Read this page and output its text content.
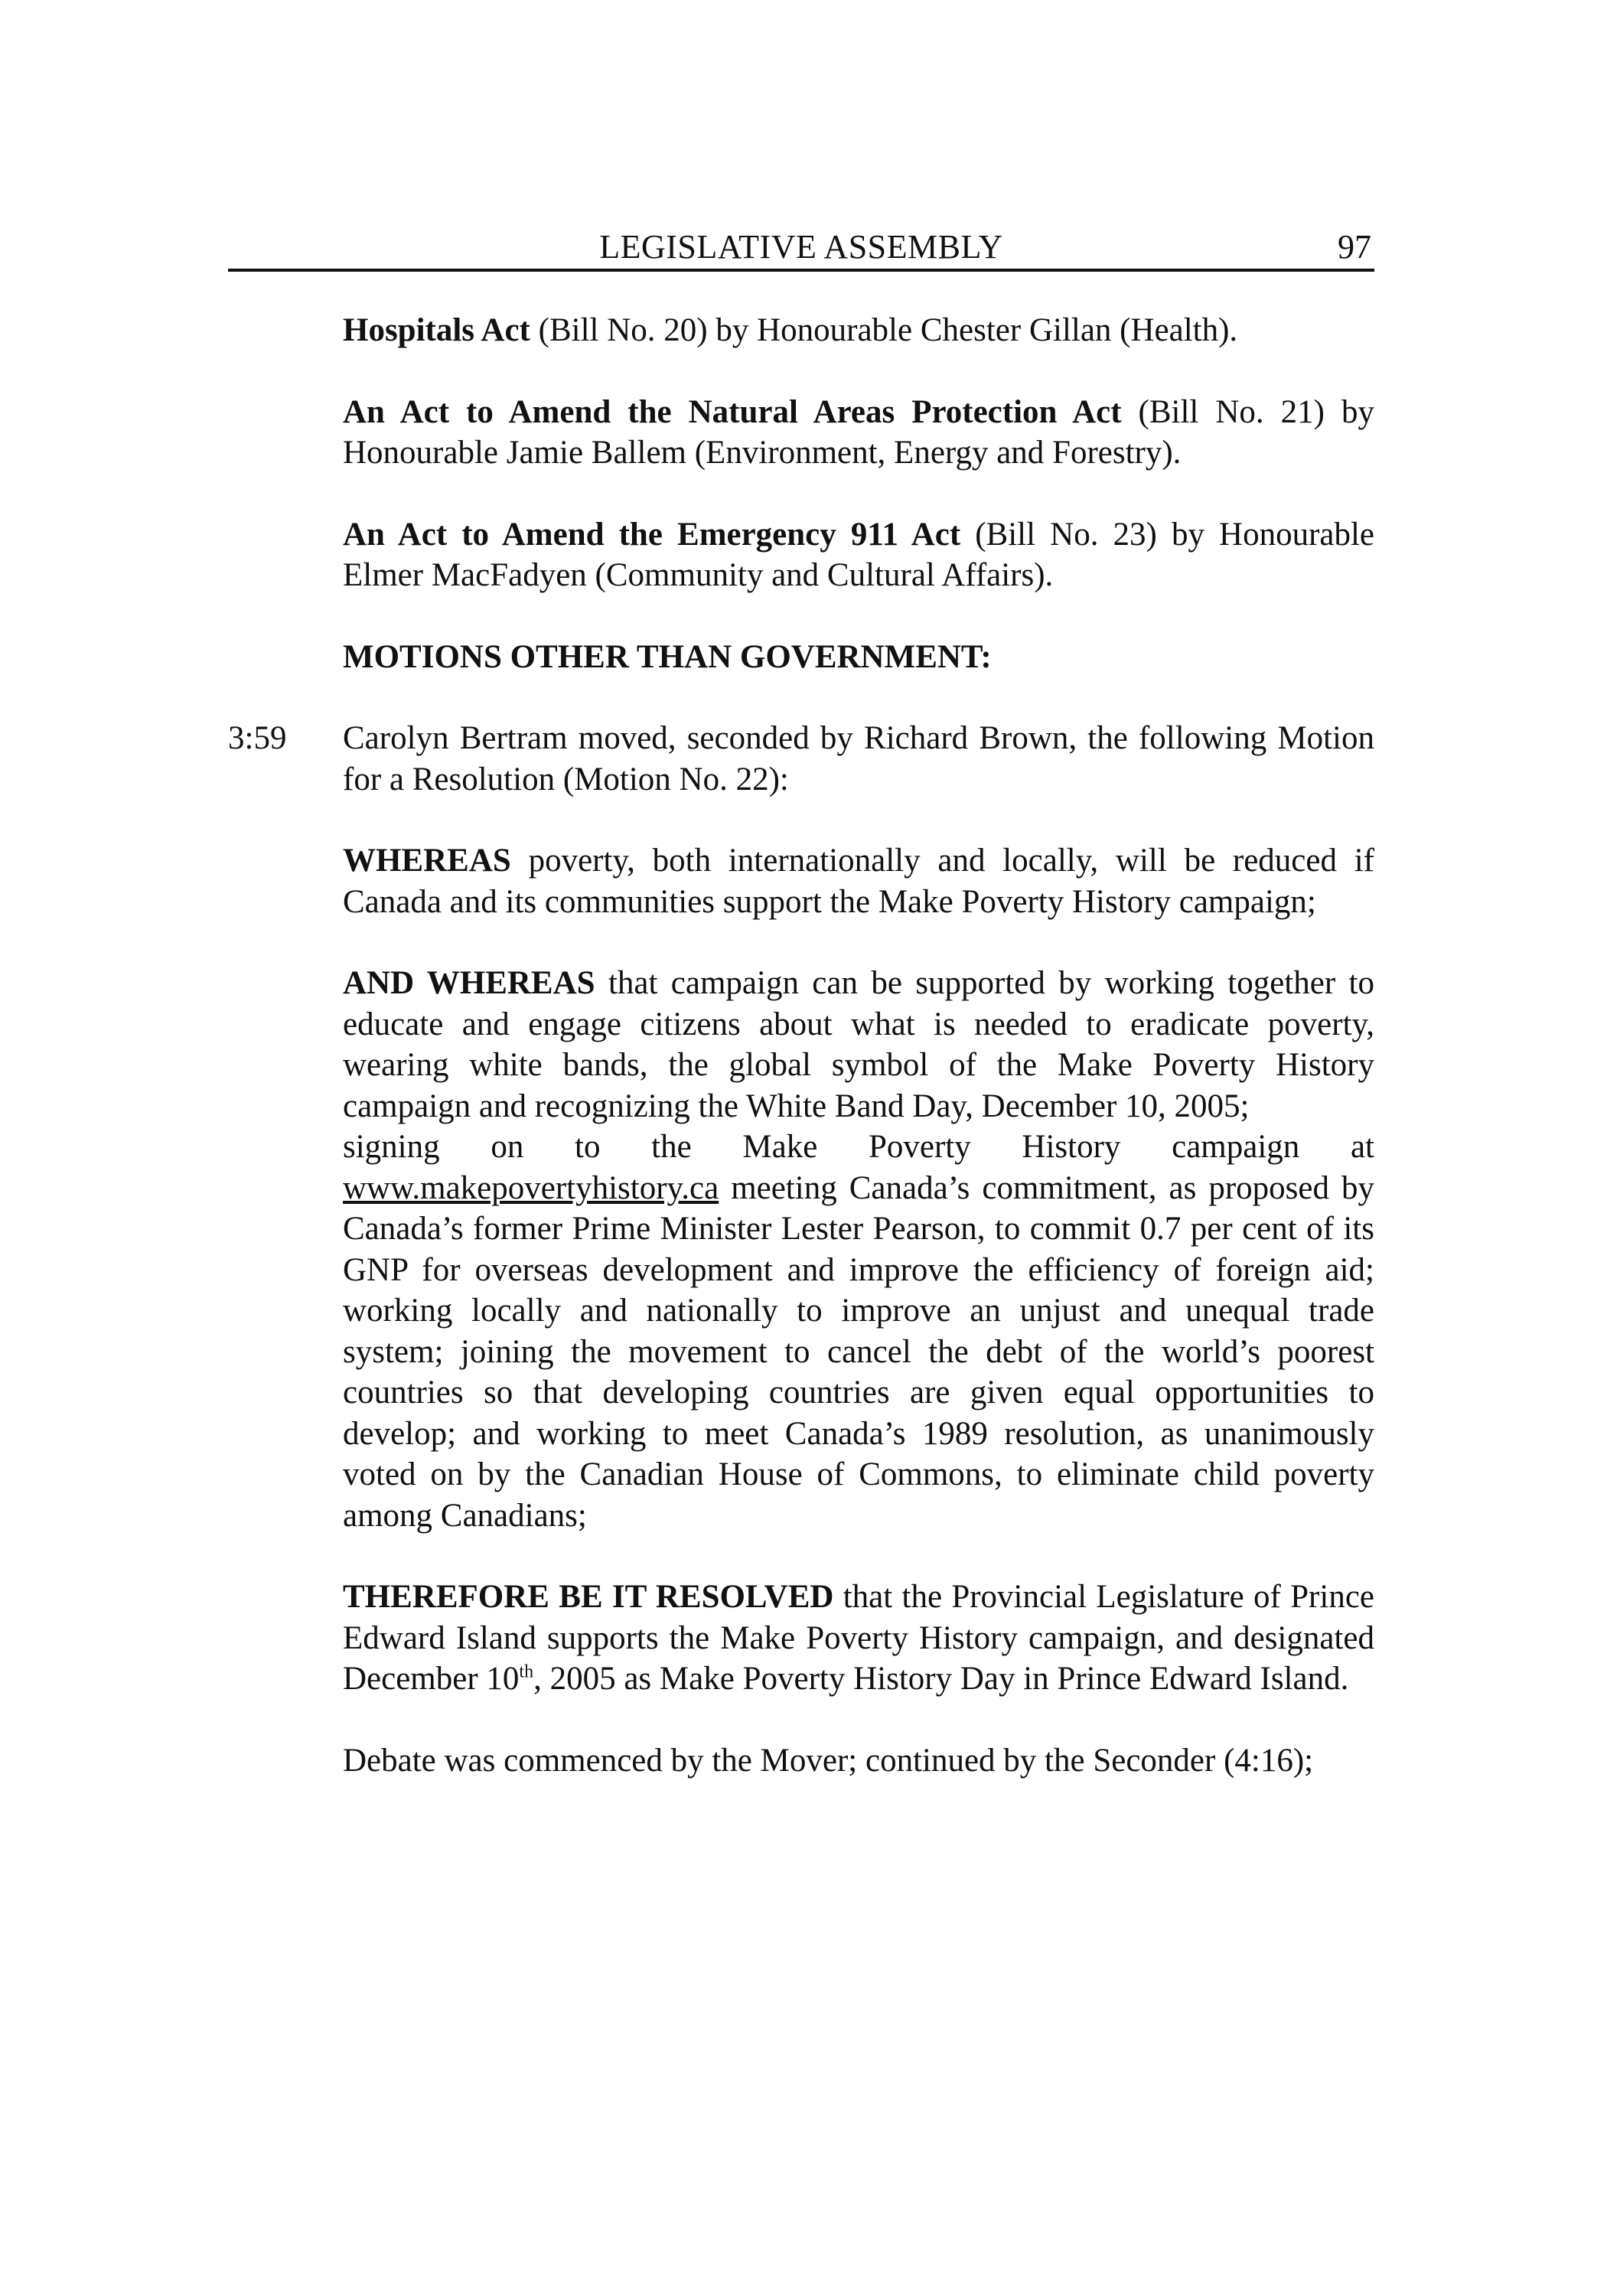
LEGISLATIVE ASSEMBLY	97

Hospitals Act (Bill No. 20) by Honourable Chester Gillan (Health).

An Act to Amend the Natural Areas Protection Act (Bill No. 21) by Honourable Jamie Ballem (Environment, Energy and Forestry).

An Act to Amend the Emergency 911 Act (Bill No. 23) by Honourable Elmer MacFadyen (Community and Cultural Affairs).

MOTIONS OTHER THAN GOVERNMENT:

3:59 Carolyn Bertram moved, seconded by Richard Brown, the following Motion for a Resolution (Motion No. 22):

WHEREAS poverty, both internationally and locally, will be reduced if Canada and its communities support the Make Poverty History campaign;

AND WHEREAS that campaign can be supported by working together to educate and engage citizens about what is needed to eradicate poverty, wearing white bands, the global symbol of the Make Poverty History campaign and recognizing the White Band Day, December 10, 2005;
signing on to the Make Poverty History campaign at
www.makepovertyhistory.ca meeting Canada’s commitment, as proposed by Canada’s former Prime Minister Lester Pearson, to commit 0.7 per cent of its GNP for overseas development and improve the efficiency of foreign aid; working locally and nationally to improve an unjust and unequal trade system; joining the movement to cancel the debt of the world’s poorest countries so that developing countries are given equal opportunities to develop; and working to meet Canada’s 1989 resolution, as unanimously voted on by the Canadian House of Commons, to eliminate child poverty among Canadians;

THEREFORE BE IT RESOLVED that the Provincial Legislature of Prince Edward Island supports the Make Poverty History campaign, and designated December 10th, 2005 as Make Poverty History Day in Prince Edward Island.

Debate was commenced by the Mover; continued by the Seconder (4:16);
